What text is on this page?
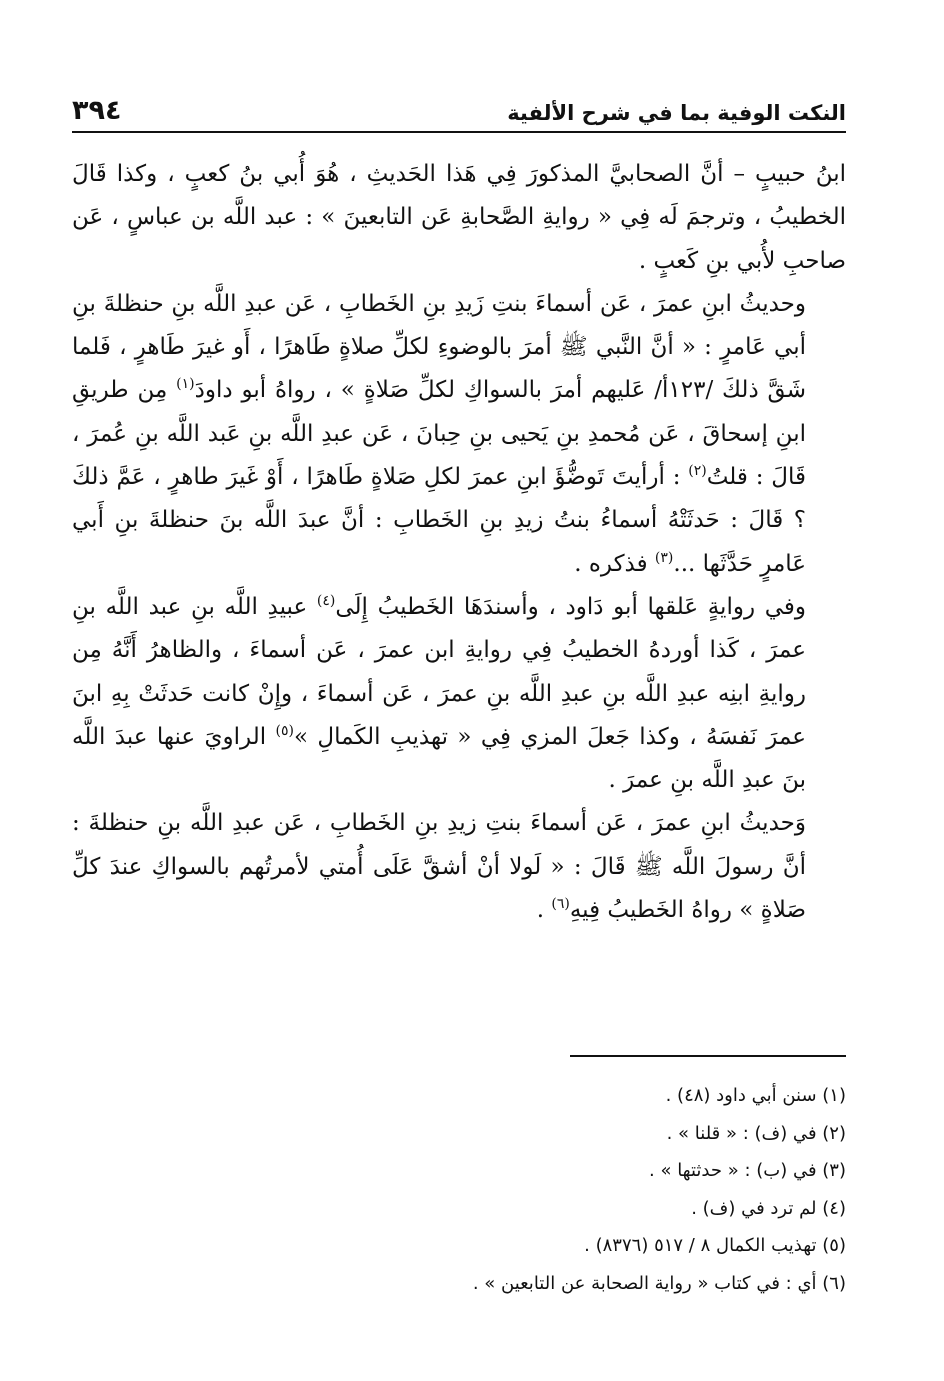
النكت الوفية بما في شرح الألفية
٣٩٤

ابنُ حبيبٍ – أنَّ الصحابيَّ المذكورَ فِي هَذا الحَديثِ ، هُوَ أُبي بنُ كعبٍ ، وكذا قَالَ الخطيبُ ، وترجمَ لَه فِي « روايةِ الصَّحابةِ عَن التابعينَ » : عبد اللَّه بن عباسٍ ، عَن صاحبِ لأُبي بنِ كَعبٍ .

وحديثُ ابنِ عمرَ ، عَن أسماءَ بنتِ زَيدِ بنِ الخَطابِ ، عَن عبدِ اللَّه بنِ حنظلةَ بنِ أبي عَامرٍ : « أنَّ النَّبي ﷺ أمرَ بالوضوءِ لكلِّ صلاةٍ طَاهرًا ، أَو غيرَ طَاهرٍ ، فَلما شَقَّ ذلكَ /١٢٣أ/ عَليهم أمرَ بالسواكِ لكلِّ صَلاةٍ » ، رواهُ أبو داودَ$^{(١)}$ مِن طريقِ ابنِ إسحاقَ ، عَن مُحمدِ بنِ يَحيى بنِ حِبانَ ، عَن عبدِ اللَّه بنِ عَبد اللَّه بنِ عُمرَ ، قَالَ : قلتُ$^{(٢)}$ : أرأيتَ تَوضُّؤَ ابنِ عمرَ لكلِ صَلاةٍ طَاهرًا ، أَوْ غَيرَ طاهرٍ ، عَمَّ ذلكَ ؟ قَالَ : حَدثَتْهُ أسماءُ بنتُ زيدِ بنِ الخَطابِ : أنَّ عبدَ اللَّه بنَ حنظلةَ بنِ أَبي عَامرٍ حَدَّثَها ...$^{(٣)}$ فذكره .

وفي روايةٍ عَلقها أبو دَاود ، وأسندَهَا الخَطيبُ إِلَى$^{(٤)}$ عبيدِ اللَّه بنِ عبد اللَّه بنِ عمرَ ، كَذا أوردهُ الخطيبُ فِي روايةِ ابن عمرَ ، عَن أسماءَ ، والظاهرُ أَنَّهُ مِن روايةِ ابنِه عبدِ اللَّه بنِ عبدِ اللَّه بنِ عمرَ ، عَن أسماءَ ، وإِنْ كانت حَدثَتْ بِهِ ابنَ عمرَ نَفسَهُ ، وكذا جَعلَ المزي فِي « تهذيبِ الكَمالِ »$^{(٥)}$ الراويَ عنها عبدَ اللَّه بنَ عبدِ اللَّه بنِ عمرَ .

وَحديثُ ابنِ عمرَ ، عَن أسماءَ بنتِ زيدِ بنِ الخَطابِ ، عَن عبدِ اللَّه بنِ حنظلةَ : أنَّ رسولَ اللَّه ﷺ قَالَ : « لَولا أنْ أشقَّ عَلَى أُمتي لأمرتُهم بالسواكِ عندَ كلِّ صَلاةٍ » رواهُ الخَطيبُ فِيهِ$^{(٦)}$ .

(١) سنن أبي داود (٤٨) .

(٢) في (ف) : « قلنا » .

(٣) في (ب) : « حدثتها » .

(٤) لم ترد في (ف) .

(٥) تهذيب الكمال ٨ / ٥١٧ (٨٣٧٦) .

(٦) أي : في كتاب « رواية الصحابة عن التابعين » .
